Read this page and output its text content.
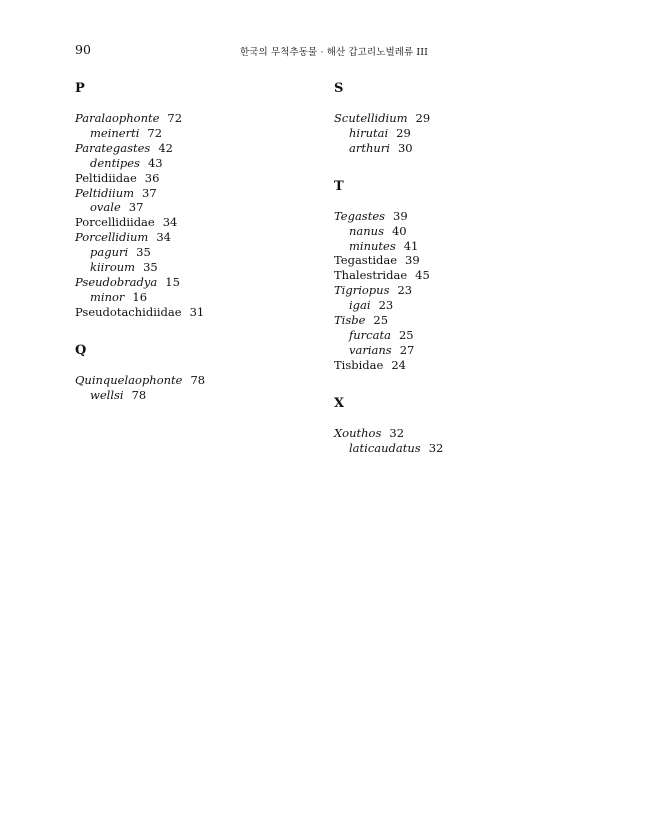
90	한국의 무척추동물 · 해산 갑고리노벌레류 III
P
Paralaophonte 72
meinerti 72
Parategastes 42
dentipes 43
Peltidiidae 36
Peltidiium 37
ovale 37
Porcellidiidae 34
Porcellidium 34
paguri 35
kiiroum 35
Pseudobradya 15
minor 16
Pseudotachidiidae 31
Q
Quinquelaophonte 78
wellsi 78
S
Scutellidium 29
hirutai 29
arthuri 30
T
Tegastes 39
nanus 40
minutes 41
Tegastidae 39
Thalestridae 45
Tigriopus 23
igai 23
Tisbe 25
furcata 25
varians 27
Tisbidae 24
X
Xouthos 32
laticaudatus 32
